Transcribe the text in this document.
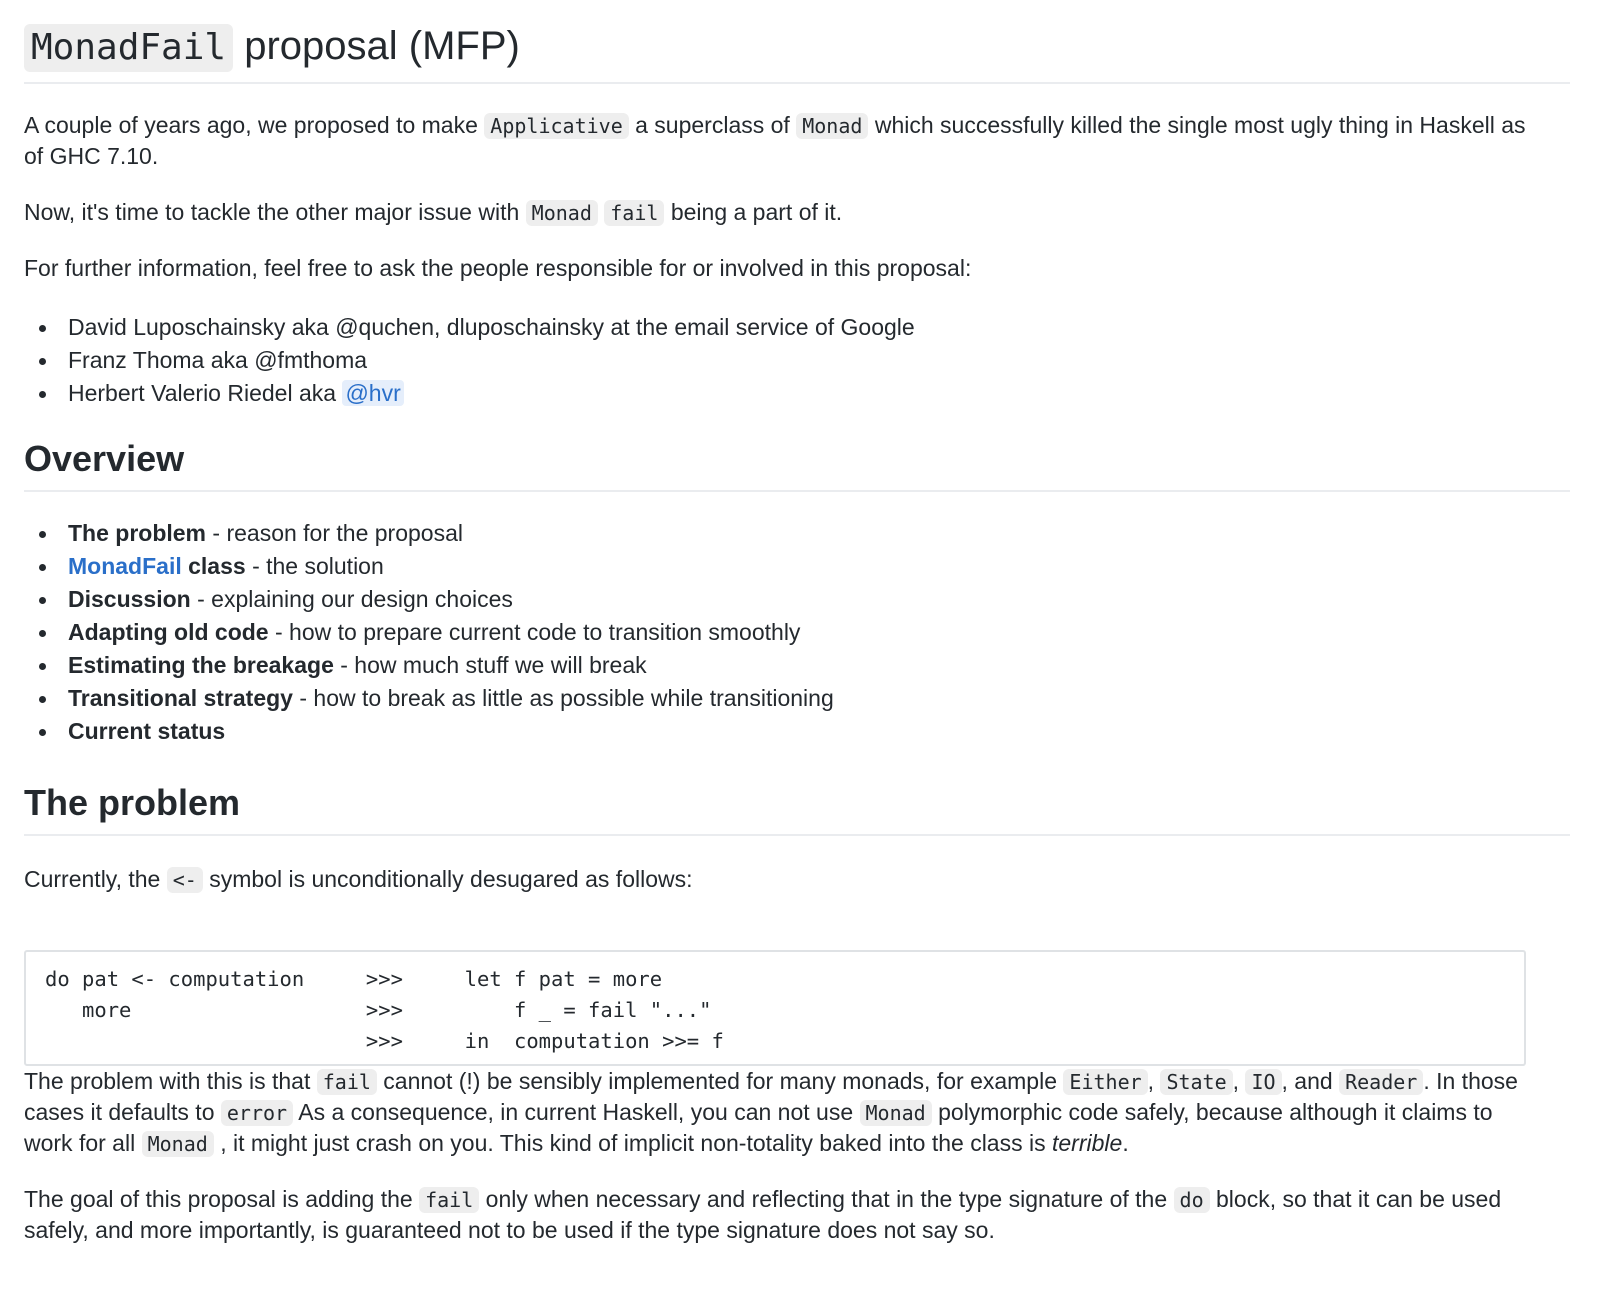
MonadFail proposal (MFP)

A couple of years ago, we proposed to make Applicative a superclass of Monad which successfully killed the single most ugly thing in Haskell as of GHC 7.10.

Now, it's time to tackle the other major issue with Monad fail being a part of it.

For further information, feel free to ask the people responsible for or involved in this proposal:

David Luposchainsky aka @quchen, dluposchainsky at the email service of Google
Franz Thoma aka @fmthoma
Herbert Valerio Riedel aka @hvr
Overview
The problem - reason for the proposal
MonadFail class - the solution
Discussion - explaining our design choices
Adapting old code - how to prepare current code to transition smoothly
Estimating the breakage - how much stuff we will break
Transitional strategy - how to break as little as possible while transitioning
Current status
The problem

Currently, the <- symbol is unconditionally desugared as follows:

do pat <- computation     >>>     let f pat = more
more                   >>>         f _ = fail "..."
>>>     in  computation >>= f

The problem with this is that fail cannot (!) be sensibly implemented for many monads, for example Either , State , IO , and Reader . In those cases it defaults to error As a consequence, in current Haskell, you can not use Monad polymorphic code safely, because although it claims to work for all Monad , it might just crash on you. This kind of implicit non-totality baked into the class is terrible.

The goal of this proposal is adding the fail only when necessary and reflecting that in the type signature of the do block, so that it can be used safely, and more importantly, is guaranteed not to be used if the type signature does not say so.
